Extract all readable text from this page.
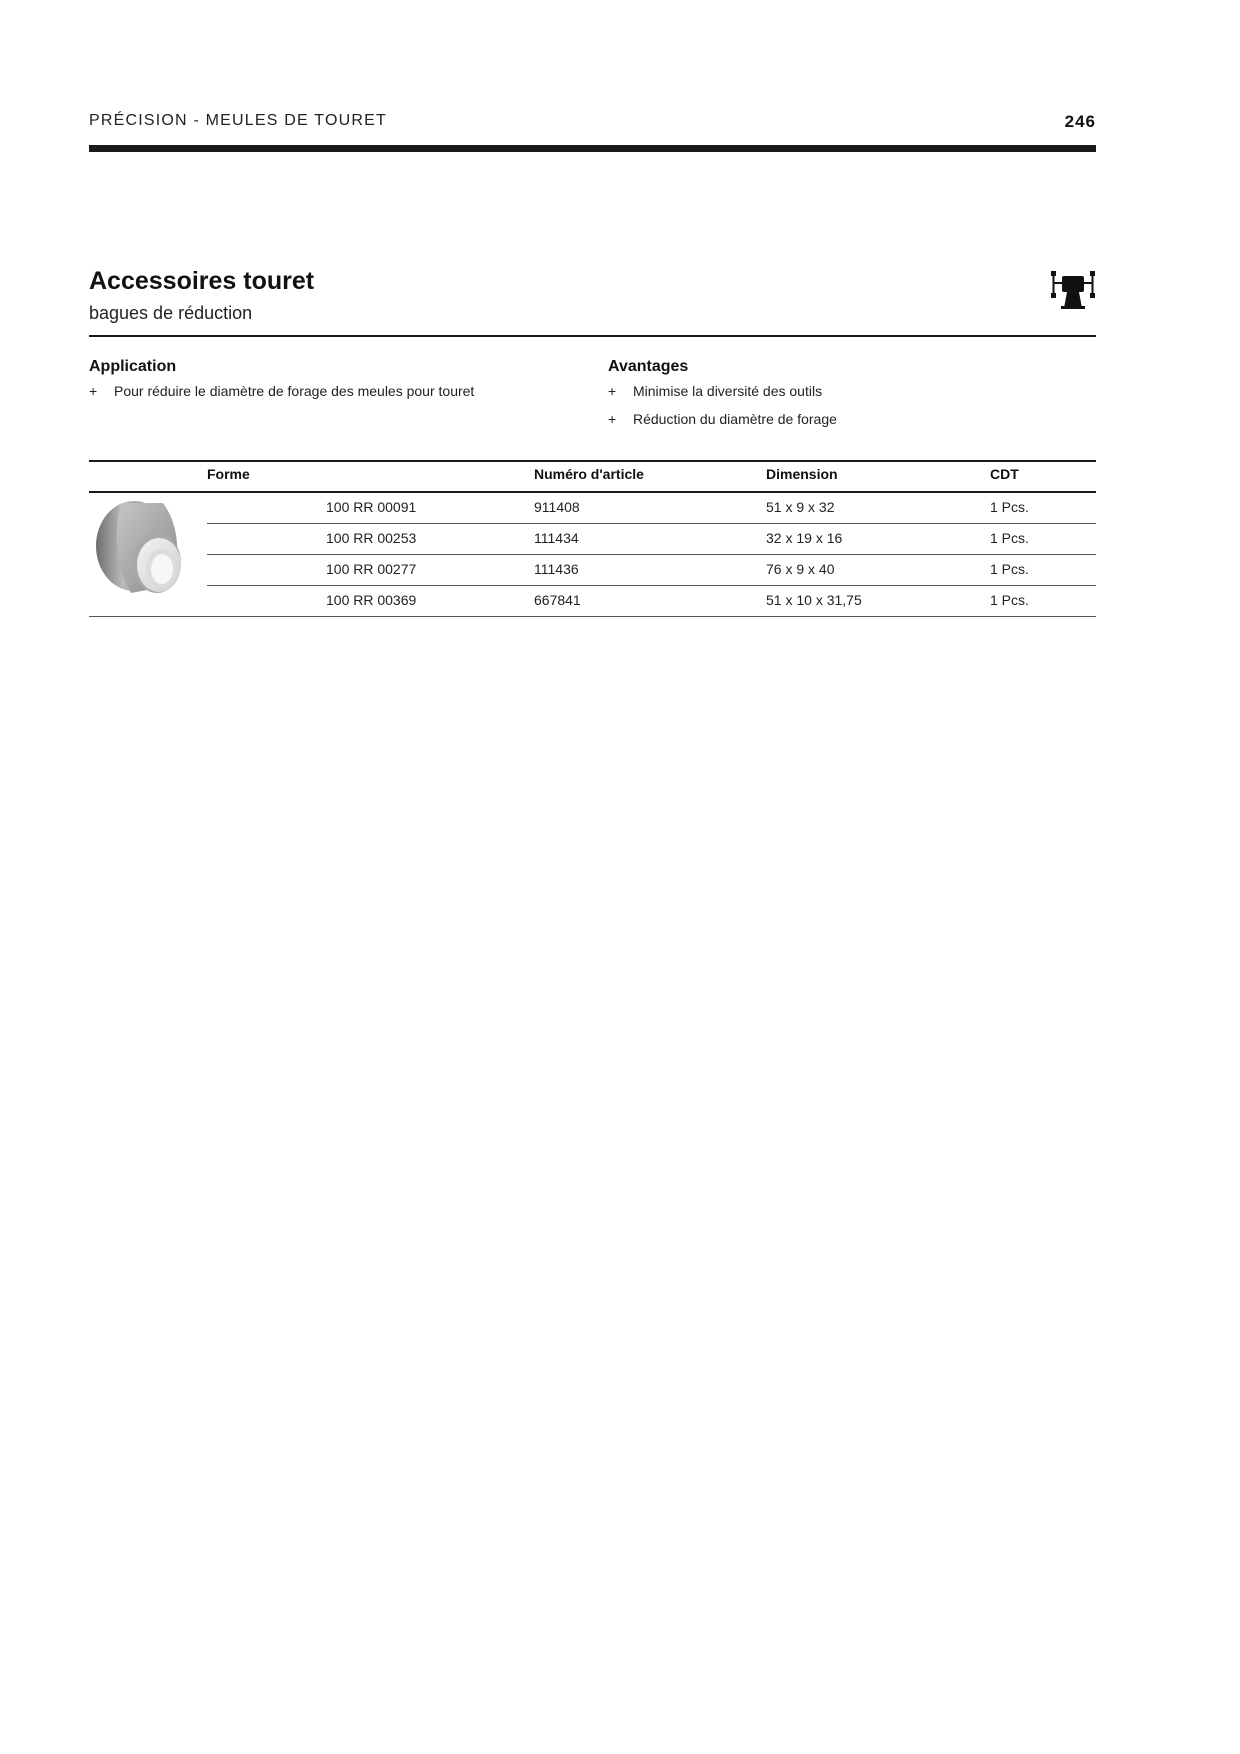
PRÉCISION - MEULES DE TOURET	246
Accessoires touret
bagues de réduction
Application
+ Pour réduire le diamètre de forage des meules pour touret
Avantages
+ Minimise la diversité des outils
+ Réduction du diamètre de forage
Forme	Numéro d'article	Dimension	CDT
100 RR 00091	911408	51 x 9 x 32	1 Pcs.
100 RR 00253	111434	32 x 19 x 16	1 Pcs.
100 RR 00277	111436	76 x 9 x 40	1 Pcs.
100 RR 00369	667841	51 x 10 x 31,75	1 Pcs.
